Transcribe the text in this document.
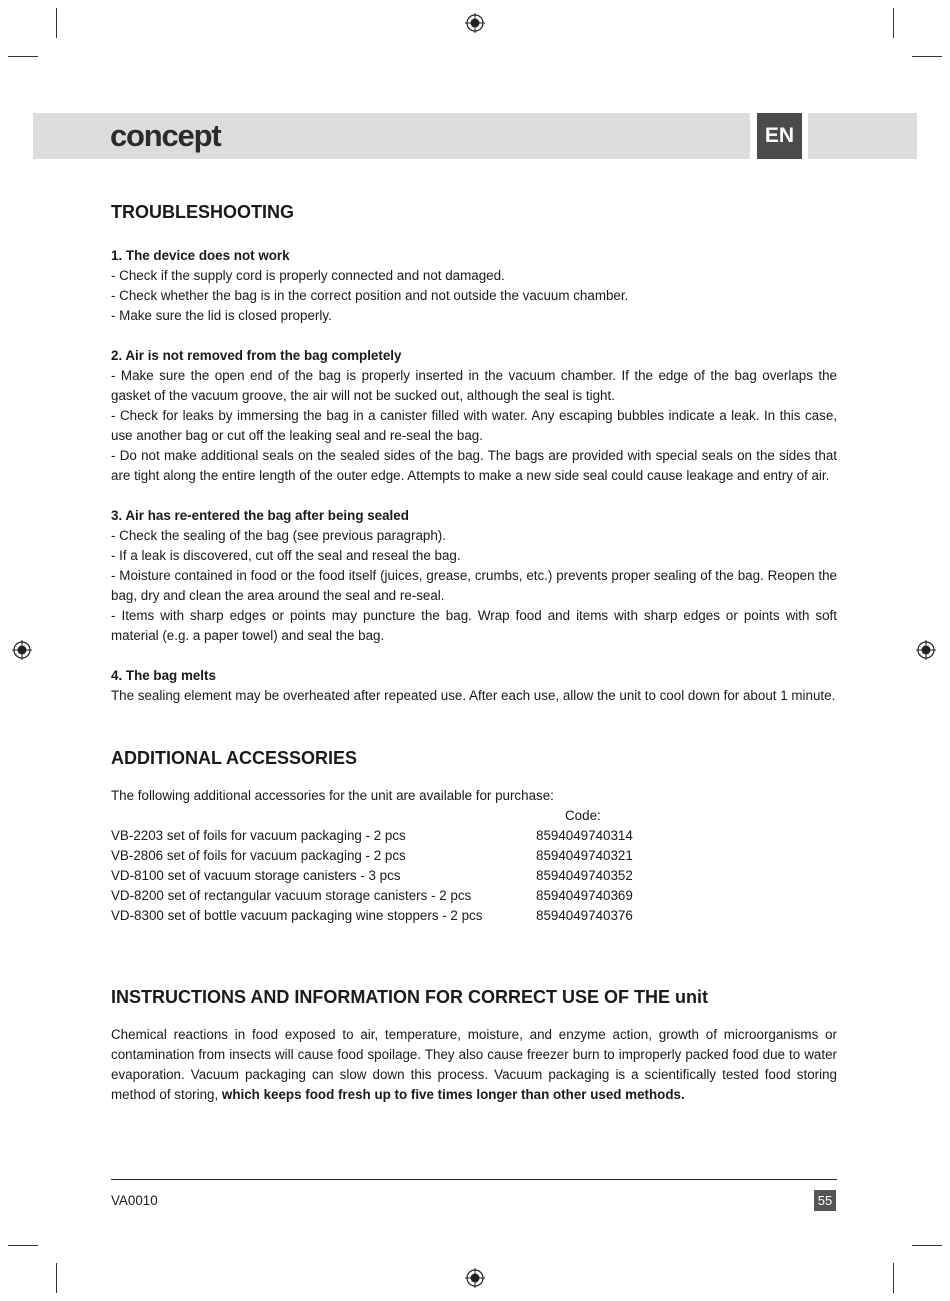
concept	EN
TROUBLESHOOTING

1. The device does not work

- Check if the supply cord is properly connected and not damaged.

- Check whether the bag is in the correct position and not outside the vacuum chamber.

- Make sure the lid is closed properly.

2. Air is not removed from the bag completely

- Make sure the open end of the bag is properly inserted in the vacuum chamber. If the edge of the bag overlaps the gasket of the vacuum groove, the air will not be sucked out, although the seal is tight.

- Check for leaks by immersing the bag in a canister filled with water. Any escaping bubbles indicate a leak. In this case, use another bag or cut off the leaking seal and re-seal the bag.

- Do not make additional seals on the sealed sides of the bag. The bags are provided with special seals on the sides that are tight along the entire length of the outer edge. Attempts to make a new side seal could cause leakage and entry of air.

3. Air has re-entered the bag after being sealed

- Check the sealing of the bag (see previous paragraph).

- If a leak is discovered, cut off the seal and reseal the bag.

- Moisture contained in food or the food itself (juices, grease, crumbs, etc.) prevents proper sealing of the bag. Reopen the bag, dry and clean the area around the seal and re-seal.

- Items with sharp edges or points may puncture the bag. Wrap food and items with sharp edges or points with soft material (e.g. a paper towel) and seal the bag.

4. The bag melts

The sealing element may be overheated after repeated use. After each use, allow the unit to cool down for about 1 minute.

ADDITIONAL ACCESSORIES

The following additional accessories for the unit are available for purchase:

Code:

VB-2203 set of foils for vacuum packaging - 2 pcs	8594049740314
VB-2806 set of foils for vacuum packaging - 2 pcs	8594049740321
VD-8100 set of vacuum storage canisters - 3 pcs	8594049740352
VD-8200 set of rectangular vacuum storage canisters - 2 pcs	8594049740369
VD-8300 set of bottle vacuum packaging wine stoppers - 2 pcs	8594049740376
INSTRUCTIONS AND INFORMATION FOR CORRECT USE OF THE unit

Chemical reactions in food exposed to air, temperature, moisture, and enzyme action, growth of microorganisms or contamination from insects will cause food spoilage. They also cause freezer burn to improperly packed food due to water evaporation. Vacuum packaging can slow down this process. Vacuum packaging is a scientifically tested food storing method of storing, which keeps food fresh up to five times longer than other used methods.

VA0010	55
